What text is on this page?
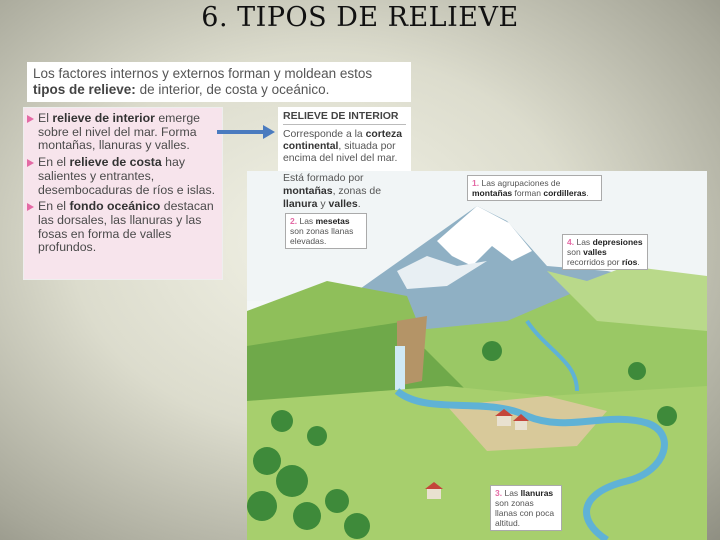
6. TIPOS DE RELIEVE
Los factores internos y externos forman y moldean estos
tipos de relieve: de interior, de costa y oceánico.
El relieve de interior emerge sobre el nivel del mar. Forma montañas, llanuras y valles.
En el relieve de costa hay salientes y entrantes, desembocaduras de ríos e islas.
En el fondo oceánico destacan las dorsales, las llanuras y las fosas en forma de valles profundos.
RELIEVE DE INTERIOR
Corresponde a la corteza continental, situada por encima del nivel del mar.
1. Las agrupaciones de montañas forman cordilleras.
2. Las mesetas son zonas llanas elevadas.	4. Las depresiones son valles recorridos por ríos.
3. Las llanuras son zonas llanas con poca altitud.
Está formado por montañas, zonas de llanura y valles.
